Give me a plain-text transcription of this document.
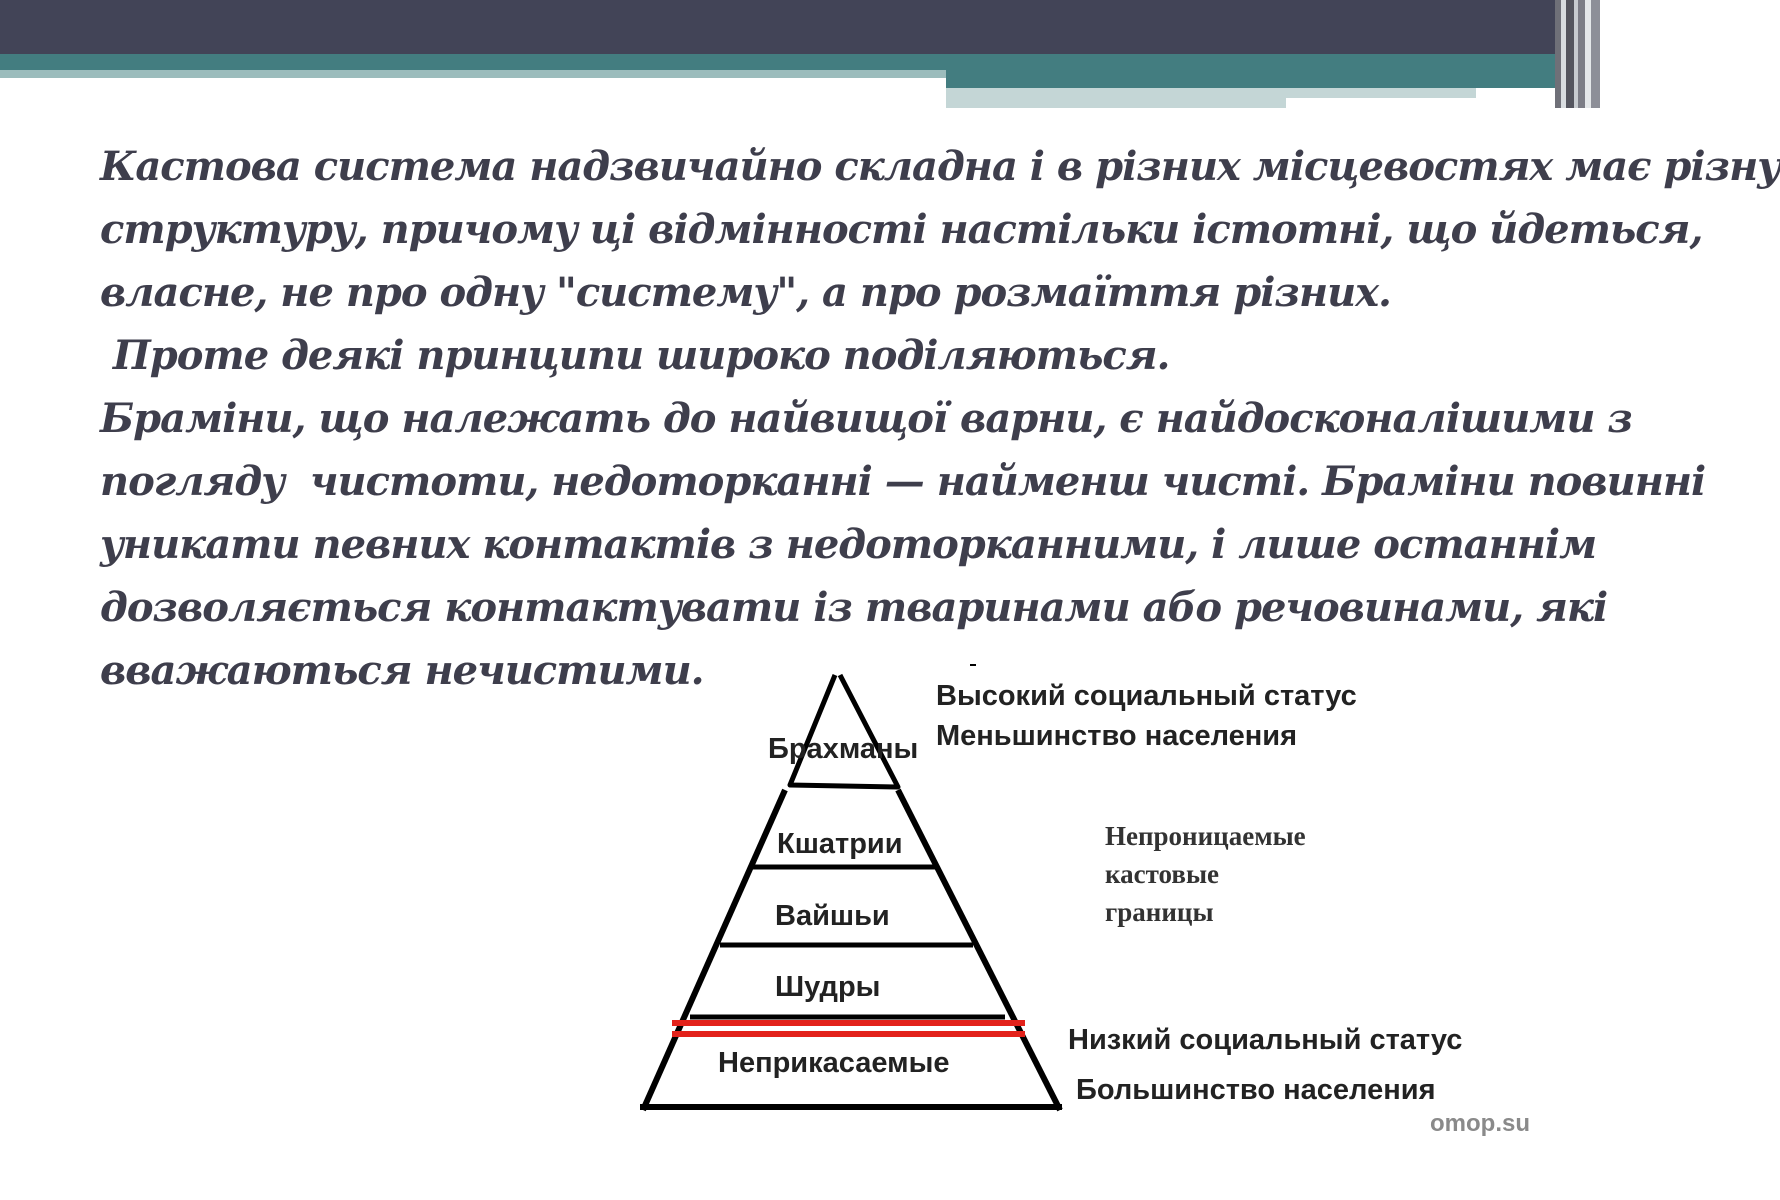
Кастова система надзвичайно складна і в різних місцевостях має різну
структуру, причому ці відмінності настільки істотні, що йдеться,
власне, не про одну "систему", а про розмаїття різних.
Проте деякі принципи широко поділяються.
Брамiни, що належать до найвищої варни, є найдосконалішими з
погляду  чистоти, недоторканні — найменш чисті. Брамiни повинні
уникати певних контактів з недоторканними, і лише останнім
дозволяється контактувати із тваринами або речовинами, які
вважаються нечистими.

Брахманы
Кшатрии
Вайшьи
Шудры
Неприкасаемые
Высокий социальный статус
Меньшинство населения
Непроницаемые
кастовые
границы
Низкий социальный статус
Большинство населения
omop.su
